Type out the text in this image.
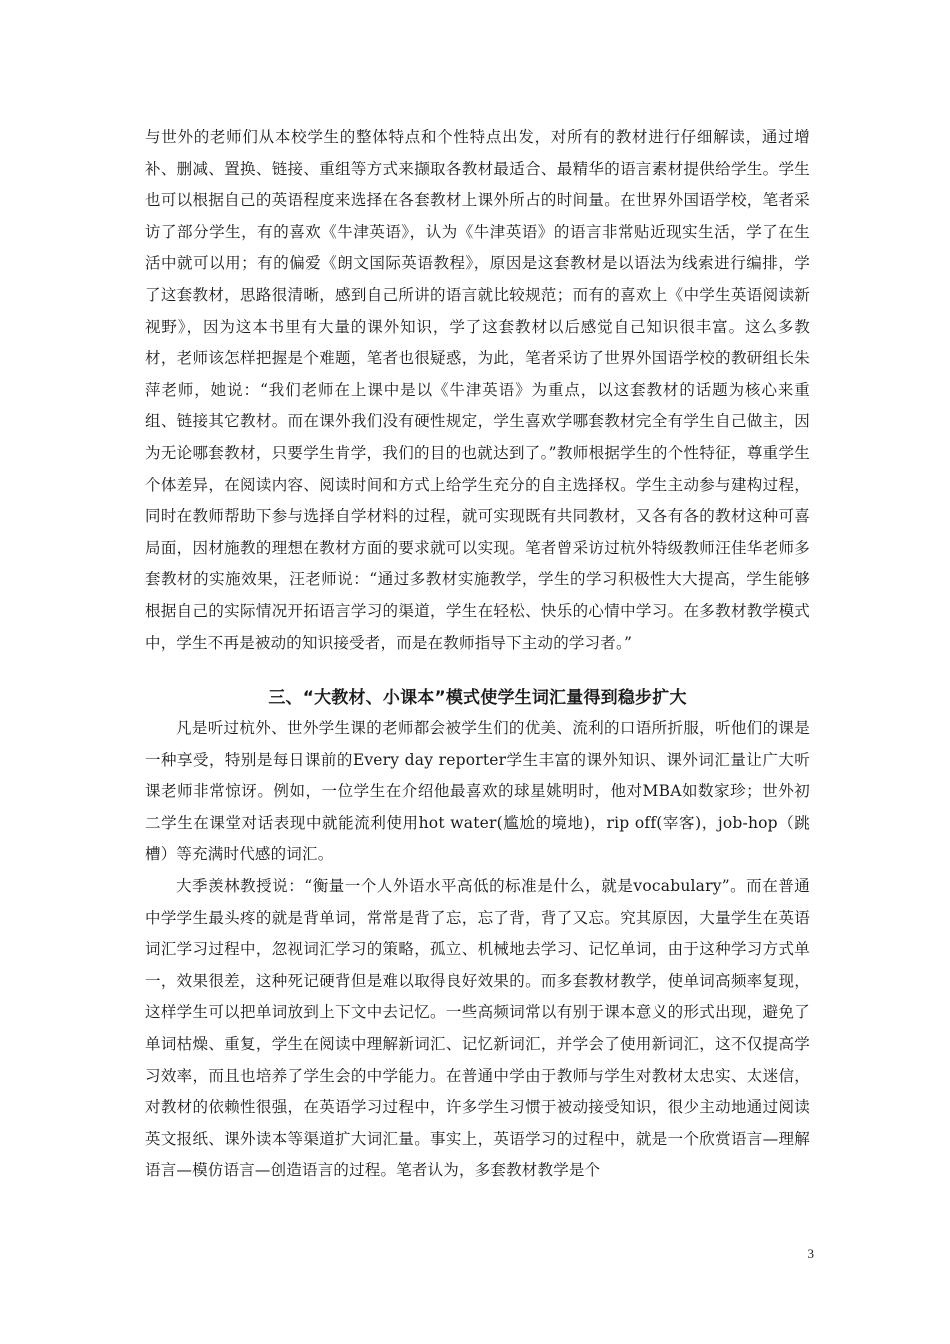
与世外的老师们从本校学生的整体特点和个性特点出发，对所有的教材进行仔细解读，通过增补、删减、置换、链接、重组等方式来撷取各教材最适合、最精华的语言素材提供给学生。学生也可以根据自己的英语程度来选择在各套教材上课外所占的时间量。在世界外国语学校，笔者采访了部分学生，有的喜欢《牛津英语》，认为《牛津英语》的语言非常贴近现实生活，学了在生活中就可以用；有的偏爱《朗文国际英语教程》，原因是这套教材是以语法为线索进行编排，学了这套教材，思路很清晰，感到自己所讲的语言就比较规范；而有的喜欢上《中学生英语阅读新视野》，因为这本书里有大量的课外知识，学了这套教材以后感觉自己知识很丰富。这么多教材，老师该怎样把握是个难题，笔者也很疑惑，为此，笔者采访了世界外国语学校的教研组长朱萍老师，她说：“我们老师在上课中是以《牛津英语》为重点，以这套教材的话题为核心来重组、链接其它教材。而在课外我们没有硬性规定，学生喜欢学哪套教材完全有学生自己做主，因为无论哪套教材，只要学生肯学，我们的目的也就达到了。”教师根据学生的个性特征，尊重学生个体差异，在阅读内容、阅读时间和方式上给学生充分的自主选择权。学生主动参与建构过程，同时在教师帮助下参与选择自学材料的过程，就可实现既有共同教材，又各有各的教材这种可喜局面，因材施教的理想在教材方面的要求就可以实现。笔者曾采访过杭外特级教师汪佳华老师多套教材的实施效果，汪老师说：“通过多教材实施教学，学生的学习积极性大大提高，学生能够根据自己的实际情况开拓语言学习的渠道，学生在轻松、快乐的心情中学习。在多教材教学模式中，学生不再是被动的知识接受者，而是在教师指导下主动的学习者。”

三、“大教材、小课本”模式使学生词汇量得到稳步扩大

凡是听过杭外、世外学生课的老师都会被学生们的优美、流利的口语所折服，听他们的课是一种享受，特别是每日课前的Every day reporter学生丰富的课外知识、课外词汇量让广大听课老师非常惊讶。例如，一位学生在介绍他最喜欢的球星姚明时，他对MBA如数家珍；世外初二学生在课堂对话表现中就能流利使用hot water(尴尬的境地)，rip off(宰客)，job-hop（跳槽）等充满时代感的词汇。

大季羡林教授说：“衡量一个人外语水平高低的标准是什么，就是vocabulary”。而在普通中学学生最头疼的就是背单词，常常是背了忘，忘了背，背了又忘。究其原因，大量学生在英语词汇学习过程中，忽视词汇学习的策略，孤立、机械地去学习、记忆单词，由于这种学习方式单一，效果很差，这种死记硬背但是难以取得良好效果的。而多套教材教学，使单词高频率复现，这样学生可以把单词放到上下文中去记忆。一些高频词常以有别于课本意义的形式出现，避免了单词枯燥、重复，学生在阅读中理解新词汇、记忆新词汇，并学会了使用新词汇，这不仅提高学习效率，而且也培养了学生会的中学能力。在普通中学由于教师与学生对教材太忠实、太迷信，对教材的依赖性很强，在英语学习过程中，许多学生习惯于被动接受知识，很少主动地通过阅读英文报纸、课外读本等渠道扩大词汇量。事实上，英语学习的过程中，就是一个欣赏语言—理解语言—模仿语言—创造语言的过程。笔者认为，多套教材教学是个

3
